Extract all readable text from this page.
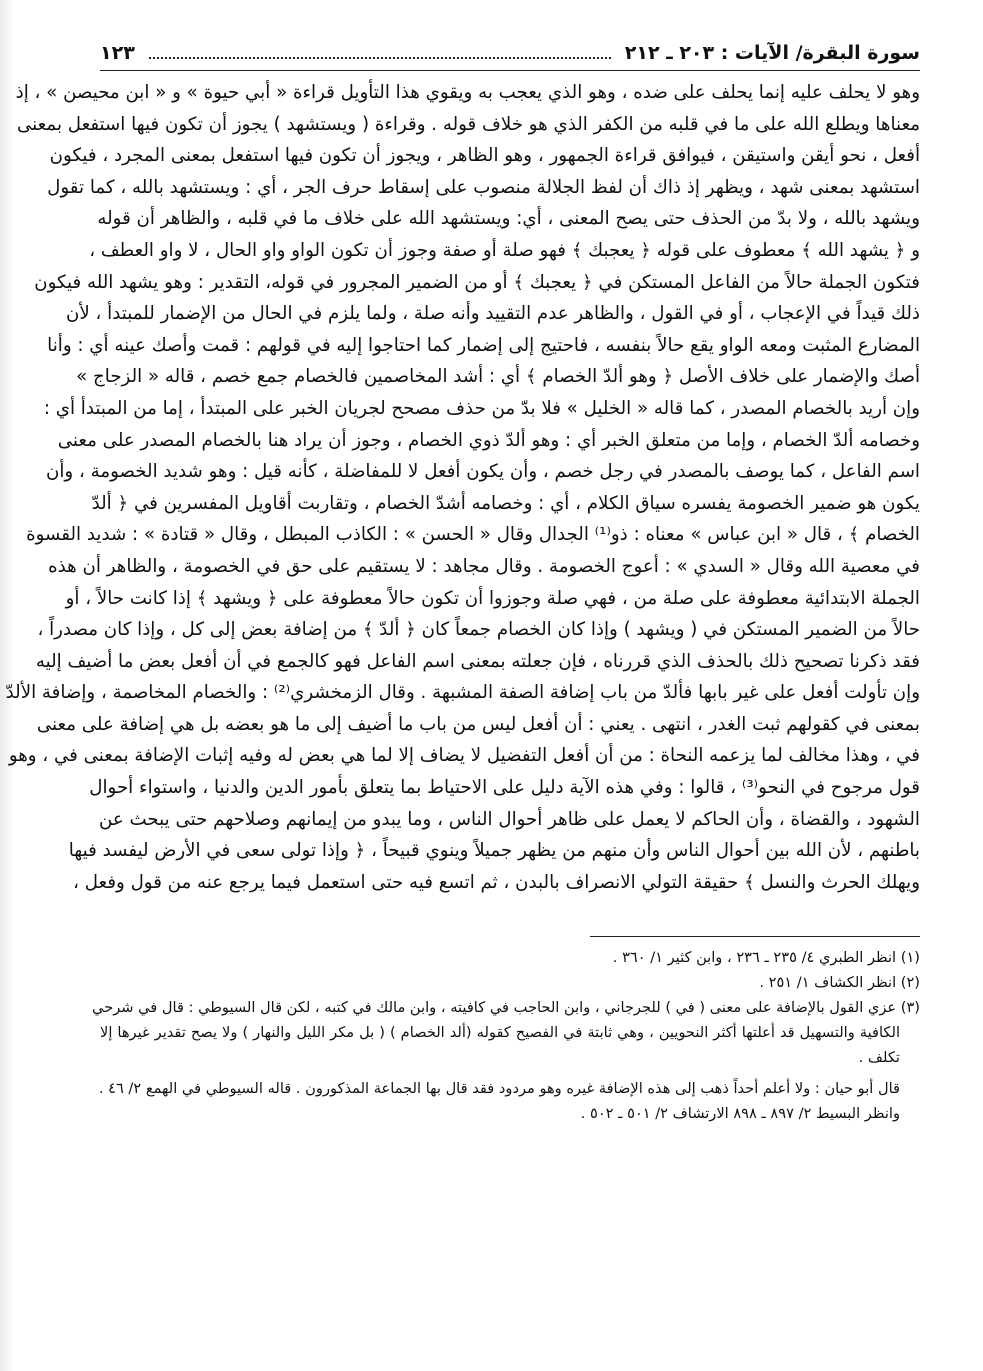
سورة البقرة/ الآيات : ٢٠٣ ـ ٢١٢
١٢٣
وهو لا يحلف عليه إنما يحلف على ضده ، وهو الذي يعجب به ويقوي هذا التأويل قراءة « أبي حيوة » و « ابن محيصن » ، إذ
معناها ويطلع الله على ما في قلبه من الكفر الذي هو خلاف قوله . وقراءة ( ويستشهد ) يجوز أن تكون فيها استفعل بمعنى
أفعل ، نحو أيقن واستيقن ، فيوافق قراءة الجمهور ، وهو الظاهر ، ويجوز أن تكون فيها استفعل بمعنى المجرد ، فيكون
استشهد بمعنى شهد ، ويظهر إذ ذاك أن لفظ الجلالة منصوب على إسقاط حرف الجر ، أي : ويستشهد بالله ، كما تقول
ويشهد بالله ، ولا بدّ من الحذف حتى يصح المعنى ، أي: ويستشهد الله على خلاف ما في قلبه ، والظاهر أن قوله
و ﴿ يشهد الله ﴾ معطوف على قوله ﴿ يعجبك ﴾ فهو صلة أو صفة وجوز أن تكون الواو واو الحال ، لا واو العطف ،
فتكون الجملة حالاً من الفاعل المستكن في ﴿ يعجبك ﴾ أو من الضمير المجرور في قوله، التقدير : وهو يشهد الله فيكون
ذلك قيداً في الإعجاب ، أو في القول ، والظاهر عدم التقييد وأنه صلة ، ولما يلزم في الحال من الإضمار للمبتدأ ، لأن
المضارع المثبت ومعه الواو يقع حالاً بنفسه ، فاحتيج إلى إضمار كما احتاجوا إليه في قولهم : قمت وأصك عينه أي : وأنا
أصك والإضمار على خلاف الأصل ﴿ وهو ألدّ الخصام ﴾ أي : أشد المخاصمين فالخصام جمع خصم ، قاله « الزجاج »
وإن أريد بالخصام المصدر ، كما قاله « الخليل » فلا بدّ من حذف مصحح لجريان الخبر على المبتدأ ، إما من المبتدأ أي :
وخصامه ألدّ الخصام ، وإما من متعلق الخبر أي : وهو ألدّ ذوي الخصام ، وجوز أن يراد هنا بالخصام المصدر على معنى
اسم الفاعل ، كما يوصف بالمصدر في رجل خصم ، وأن يكون أفعل لا للمفاضلة ، كأنه قيل : وهو شديد الخصومة ، وأن
يكون هو ضمير الخصومة يفسره سياق الكلام ، أي : وخصامه أشدّ الخصام ، وتقاربت أقاويل المفسرين في ﴿ ألدّ
الخصام ﴾ ، قال « ابن عباس » معناه : ذو⁽¹⁾ الجدال وقال « الحسن » : الكاذب المبطل ، وقال « قتادة » : شديد القسوة
في معصية الله وقال « السدي » : أعوج الخصومة . وقال مجاهد : لا يستقيم على حق في الخصومة ، والظاهر أن هذه
الجملة الابتدائية معطوفة على صلة من ، فهي صلة وجوزوا أن تكون حالاً معطوفة على ﴿ ويشهد ﴾ إذا كانت حالاً ، أو
حالاً من الضمير المستكن في ( ويشهد ) وإذا كان الخصام جمعاً كان ﴿ ألدّ ﴾ من إضافة بعض إلى كل ، وإذا كان مصدراً ،
فقد ذكرنا تصحيح ذلك بالحذف الذي قررناه ، فإن جعلته بمعنى اسم الفاعل فهو كالجمع في أن أفعل بعض ما أضيف إليه
وإن تأولت أفعل على غير بابها فألدّ من باب إضافة الصفة المشبهة . وقال الزمخشري⁽²⁾ : والخصام المخاصمة ، وإضافة الألدّ
بمعنى في كقولهم ثبت الغدر ، انتهى . يعني : أن أفعل ليس من باب ما أضيف إلى ما هو بعضه بل هي إضافة على معنى
في ، وهذا مخالف لما يزعمه النحاة : من أن أفعل التفضيل لا يضاف إلا لما هي بعض له وفيه إثبات الإضافة بمعنى في ، وهو
قول مرجوح في النحو⁽³⁾ ، قالوا : وفي هذه الآية دليل على الاحتياط بما يتعلق بأمور الدين والدنيا ، واستواء أحوال
الشهود ، والقضاة ، وأن الحاكم لا يعمل على ظاهر أحوال الناس ، وما يبدو من إيمانهم وصلاحهم حتى يبحث عن
باطنهم ، لأن الله بين أحوال الناس وأن منهم من يظهر جميلاً وينوي قبيحاً ، ﴿ وإذا تولى سعى في الأرض ليفسد فيها
ويهلك الحرث والنسل ﴾ حقيقة التولي الانصراف بالبدن ، ثم اتسع فيه حتى استعمل فيما يرجع عنه من قول وفعل ،
(١) انظر الطبري ٤/ ٢٣٥ ـ ٢٣٦ ، وابن كثير ١/ ٣٦٠ .
(٢) انظر الكشاف ١/ ٢٥١ .
(٣) عزي القول بالإضافة على معنى ( في ) للجرجاني ، وابن الحاجب في كافيته ، وابن مالك في كتبه ، لكن قال السيوطي : قال في شرحي
الكافية والتسهيل قد أعلتها أكثر النحويين ، وهي ثابتة في الفصيح كقوله (ألد الخصام ) ( بل مكر الليل والنهار ) ولا يصح تقدير غيرها إلا
تكلف .
قال أبو حيان : ولا أعلم أحداً ذهب إلى هذه الإضافة غيره وهو مردود فقد قال بها الجماعة المذكورون . قاله السيوطي في الهمع ٢/ ٤٦ .
وانظر البسيط ٢/ ٨٩٧ ـ ٨٩٨ الارتشاف ٢/ ٥٠١ ـ ٥٠٢ .
